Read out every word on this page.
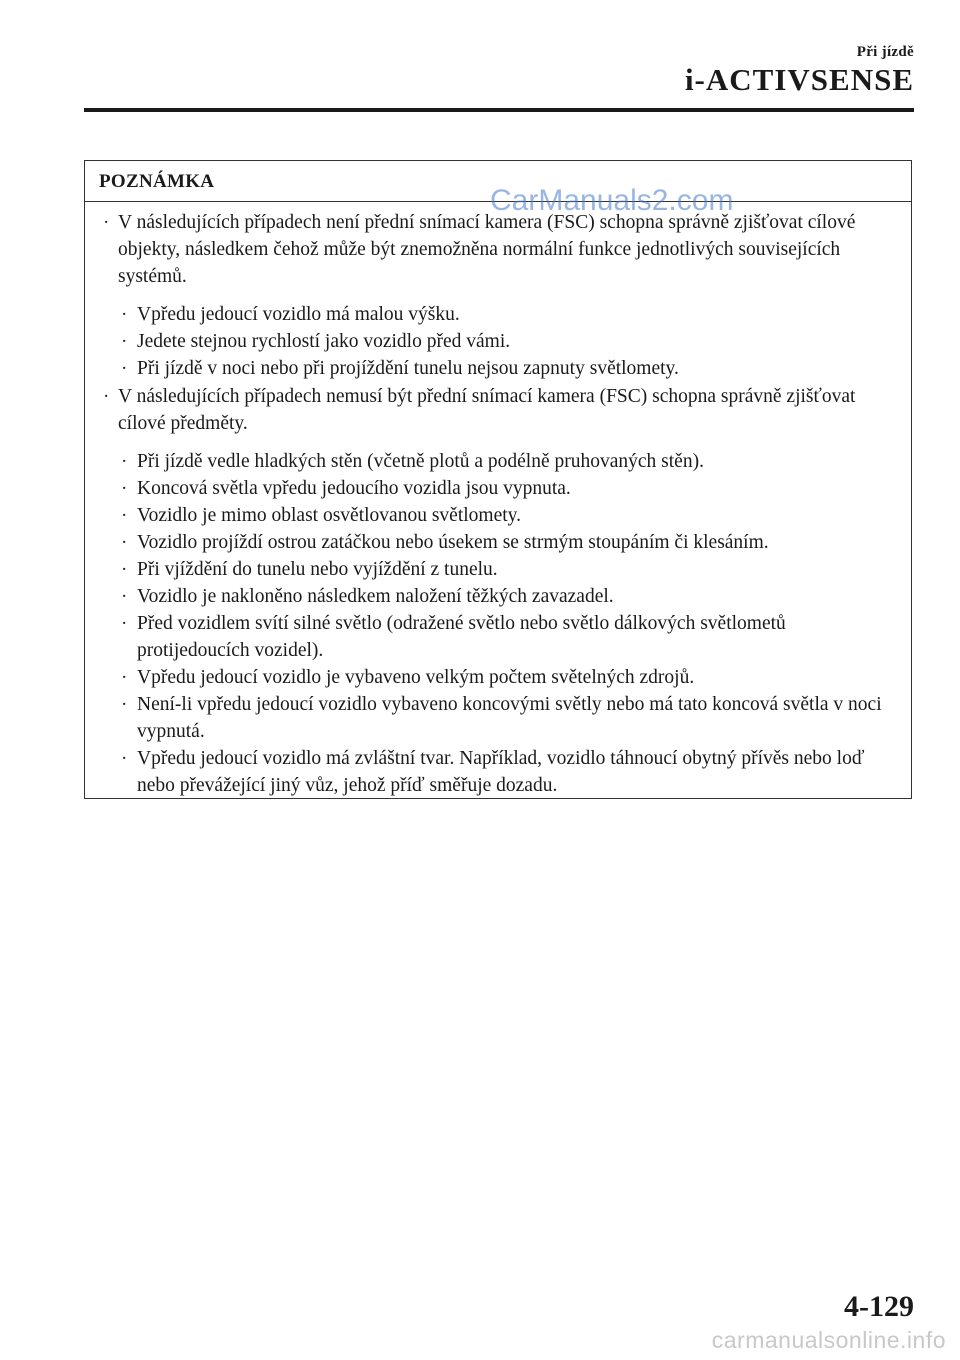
Při jízdě
i-ACTIVSENSE
POZNÁMKA
· V následujících případech není přední snímací kamera (FSC) schopna správně zjišťovat cílové objekty, následkem čehož může být znemožněna normální funkce jednotlivých souvisejících systémů.
· Vpředu jedoucí vozidlo má malou výšku.
· Jedete stejnou rychlostí jako vozidlo před vámi.
· Při jízdě v noci nebo při projíždění tunelu nejsou zapnuty světlomety.
· V následujících případech nemusí být přední snímací kamera (FSC) schopna správně zjišťovat cílové předměty.
· Při jízdě vedle hladkých stěn (včetně plotů a podélně pruhovaných stěn).
· Koncová světla vpředu jedoucího vozidla jsou vypnuta.
· Vozidlo je mimo oblast osvětlovanou světlomety.
· Vozidlo projíždí ostrou zatáčkou nebo úsekem se strmým stoupáním či klesáním.
· Při vjíždění do tunelu nebo vyjíždění z tunelu.
· Vozidlo je nakloněno následkem naložení těžkých zavazadel.
· Před vozidlem svítí silné světlo (odražené světlo nebo světlo dálkových světlometů protijedoucích vozidel).
· Vpředu jedoucí vozidlo je vybaveno velkým počtem světelných zdrojů.
· Není-li vpředu jedoucí vozidlo vybaveno koncovými světly nebo má tato koncová světla v noci vypnutá.
· Vpředu jedoucí vozidlo má zvláštní tvar. Například, vozidlo táhnoucí obytný přívěs nebo loď nebo převážející jiný vůz, jehož příď směřuje dozadu.
CarManuals2.com
4-129
carmanualsonline.info
